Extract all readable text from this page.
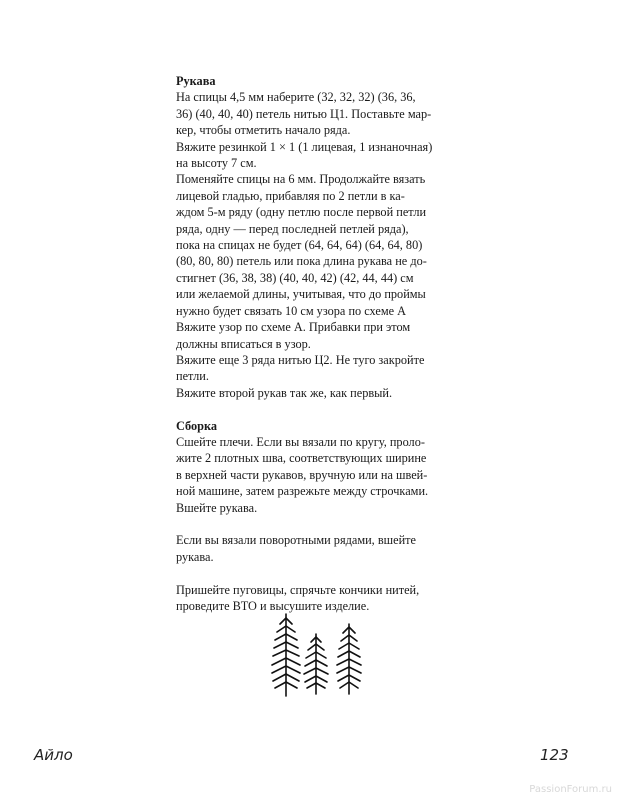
Рукава

На спицы 4,5 мм наберите (32, 32, 32) (36, 36,
36) (40, 40, 40) петель нитью Ц1. Поставьте мар-
кер, чтобы отметить начало ряда.
Вяжите резинкой 1 × 1 (1 лицевая, 1 изнаночная)
на высоту 7 см.
Поменяйте спицы на 6 мм. Продолжайте вязать
лицевой гладью, прибавляя по 2 петли в ка-
ждом 5-м ряду (одну петлю после первой петли
ряда, одну — перед последней петлей ряда),
пока на спицах не будет (64, 64, 64) (64, 64, 80)
(80, 80, 80) петель или пока длина рукава не до-
стигнет (36, 38, 38) (40, 40, 42) (42, 44, 44) см
или желаемой длины, учитывая, что до проймы
нужно будет связать 10 см узора по схеме A
Вяжите узор по схеме A. Прибавки при этом
должны вписаться в узор.
Вяжите еще 3 ряда нитью Ц2. Не туго закройте
петли.
Вяжите второй рукав так же, как первый.

Сборка

Сшейте плечи. Если вы вязали по кругу, проло-
жите 2 плотных шва, соответствующих ширине
в верхней части рукавов, вручную или на швей-
ной машине, затем разрежьте между строчками.
Вшейте рукава.

Если вы вязали поворотными рядами, вшейте
рукава.

Пришейте пуговицы, спрячьте кончики нитей,
проведите ВТО и высушите изделие.

Айло	123
PassionForum.ru
